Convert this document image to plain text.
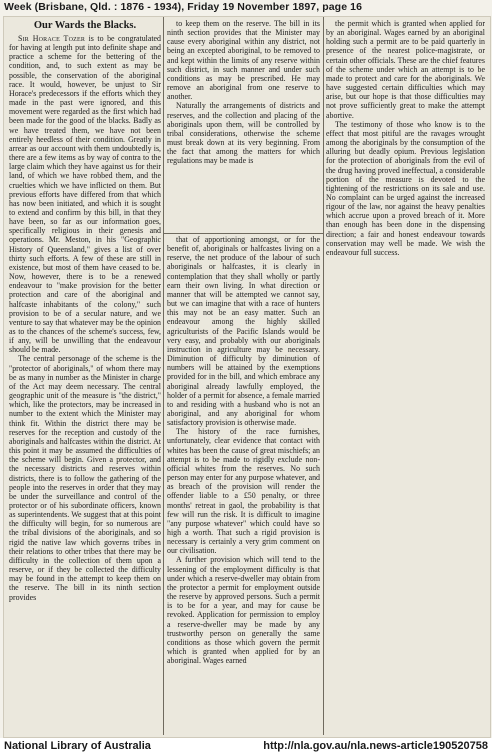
Week (Brisbane, Qld. : 1876 - 1934), Friday 19 November 1897, page 16
Our Wards the Blacks.

Sir Horace Tozer is to be congratulated for having at length put into definite shape and practice a scheme for the bettering of the condition, and, to such extent as may be possible, the conservation of the aboriginal race. It would, however, be unjust to Sir Horace's predecessors if the efforts which they made in the past were ignored, and this movement were regarded as the first which had been made for the good of the blacks. Badly as we have treated them, we have not been entirely heedless of their condition. Greatly in arrear as our account with them undoubtedly is, there are a few items as by way of contra to the large claim which they have against us for their land, of which we have robbed them, and the cruelties which we have inflicted on them. But previous efforts have differed from that which has now been initiated, and which it is sought to extend and confirm by this bill, in that they have been, so far as our information goes, specifically religious in their genesis and operations. Mr. Meston, in his "Geographic History of Queensland," gives a list of over thirty such efforts. A few of these are still in existence, but most of them have ceased to be. Now, however, there is to be a renewed endeavour to "make provision for the better protection and care of the aboriginal and halfcaste inhabitants of the colony," such provision to be of a secular nature, and we venture to say that whatever may be the opinion as to the chances of the scheme's success, few, if any, will be unwilling that the endeavour should be made.

The central personage of the scheme is the "protector of aboriginals," of whom there may be as many in number as the Minister in charge of the Act may deem necessary. The central geographic unit of the measure is "the district," which, like the protectors, may be increased in number to the extent which the Minister may think fit. Within the district there may be reserves for the reception and custody of the aboriginals and halfcastes within the district. At this point it may be assumed the difficulties of the scheme will begin. Given a protector, and the necessary districts and reserves within districts, there is to follow the gathering of the people into the reserves in order that they may be under the surveillance and control of the protector or of his subordinate officers, known as superintendents. We suggest that at this point the difficulty will begin, for so numerous are the tribal divisions of the aboriginals, and so rigid the native law which governs tribes in their relations to other tribes that there may be difficulty in the collection of them upon a reserve, or if they be collected the difficulty may be found in the attempt to keep them on the reserve. The bill in its ninth section provides

to keep them on the reserve. The bill in its ninth section provides that the Minister may cause every aboriginal within any district, not being an excepted aboriginal, to be removed to and kept within the limits of any reserve within such district, in such manner and under such conditions as may be prescribed. He may remove an aboriginal from one reserve to another.

Naturally the arrangements of districts and reserves, and the collection and placing of the aboriginals upon them, will be controlled by tribal considerations, otherwise the scheme must break down at its very beginning. From the fact that among the matters for which regulations may be made is

that of apportioning amongst, or for the benefit of, aboriginals or halfcastes living on a reserve, the net produce of the labour of such aboriginals or halfcastes, it is clearly in contemplation that they shall wholly or partly earn their own living. In what direction or manner that will be attempted we cannot say, but we can imagine that with a race of hunters this may not be an easy matter. Such an endeavour among the highly skilled agriculturists of the Pacific Islands would be very easy, and probably with our aboriginals instruction in agriculture may be necessary. Diminution of difficulty by diminution of numbers will be attained by the exemptions provided for in the bill, and which embrace any aboriginal already lawfully employed, the holder of a permit for absence, a female married to and residing with a husband who is not an aboriginal, and any aboriginal for whom satisfactory provision is otherwise made.

The history of the race furnishes, unfortunately, clear evidence that contact with whites has been the cause of great mischiefs; an attempt is to be made to rigidly exclude non-official whites from the reserves. No such person may enter for any purpose whatever, and as breach of the provision will render the offender liable to a £50 penalty, or three months' retreat in gaol, the probability is that few will run the risk. It is difficult to imagine "any purpose whatever" which could have so high a worth. That such a rigid provision is necessary is certainly a very grim comment on our civilisation.

A further provision which will tend to the lessening of the employment difficulty is that under which a reserve-dweller may obtain from the protector a permit for employment outside the reserve by approved persons. Such a permit is to be for a year, and may for cause be revoked. Application for permission to employ a reserve-dweller may be made by any trustworthy person on generally the same conditions as those which govern the permit which is granted when applied for by an aboriginal. Wages earned

the permit which is granted when applied for by an aboriginal. Wages earned by an aboriginal holding such a permit are to be paid quarterly in presence of the nearest police-magistrate, or certain other officials. These are the chief features of the scheme under which an attempt is to be made to protect and care for the aboriginals. We have suggested certain difficulties which may arise, but our hope is that those difficulties may not prove sufficiently great to make the attempt abortive.

The testimony of those who know is to the effect that most pitiful are the ravages wrought among the aboriginals by the consumption of the alluring but deadly opium. Previous legislation for the protection of aboriginals from the evil of the drug having proved ineffectual, a considerable portion of the measure is devoted to the tightening of the restrictions on its sale and use. No complaint can be urged against the increased rigour of the law, nor against the heavy penalties which accrue upon a proved breach of it. More than enough has been done in the dispensing direction; a fair and honest endeavour towards conservation may well be made. We wish the endeavour full success.

National Library of Australia	http://nla.gov.au/nla.news-article190520758
